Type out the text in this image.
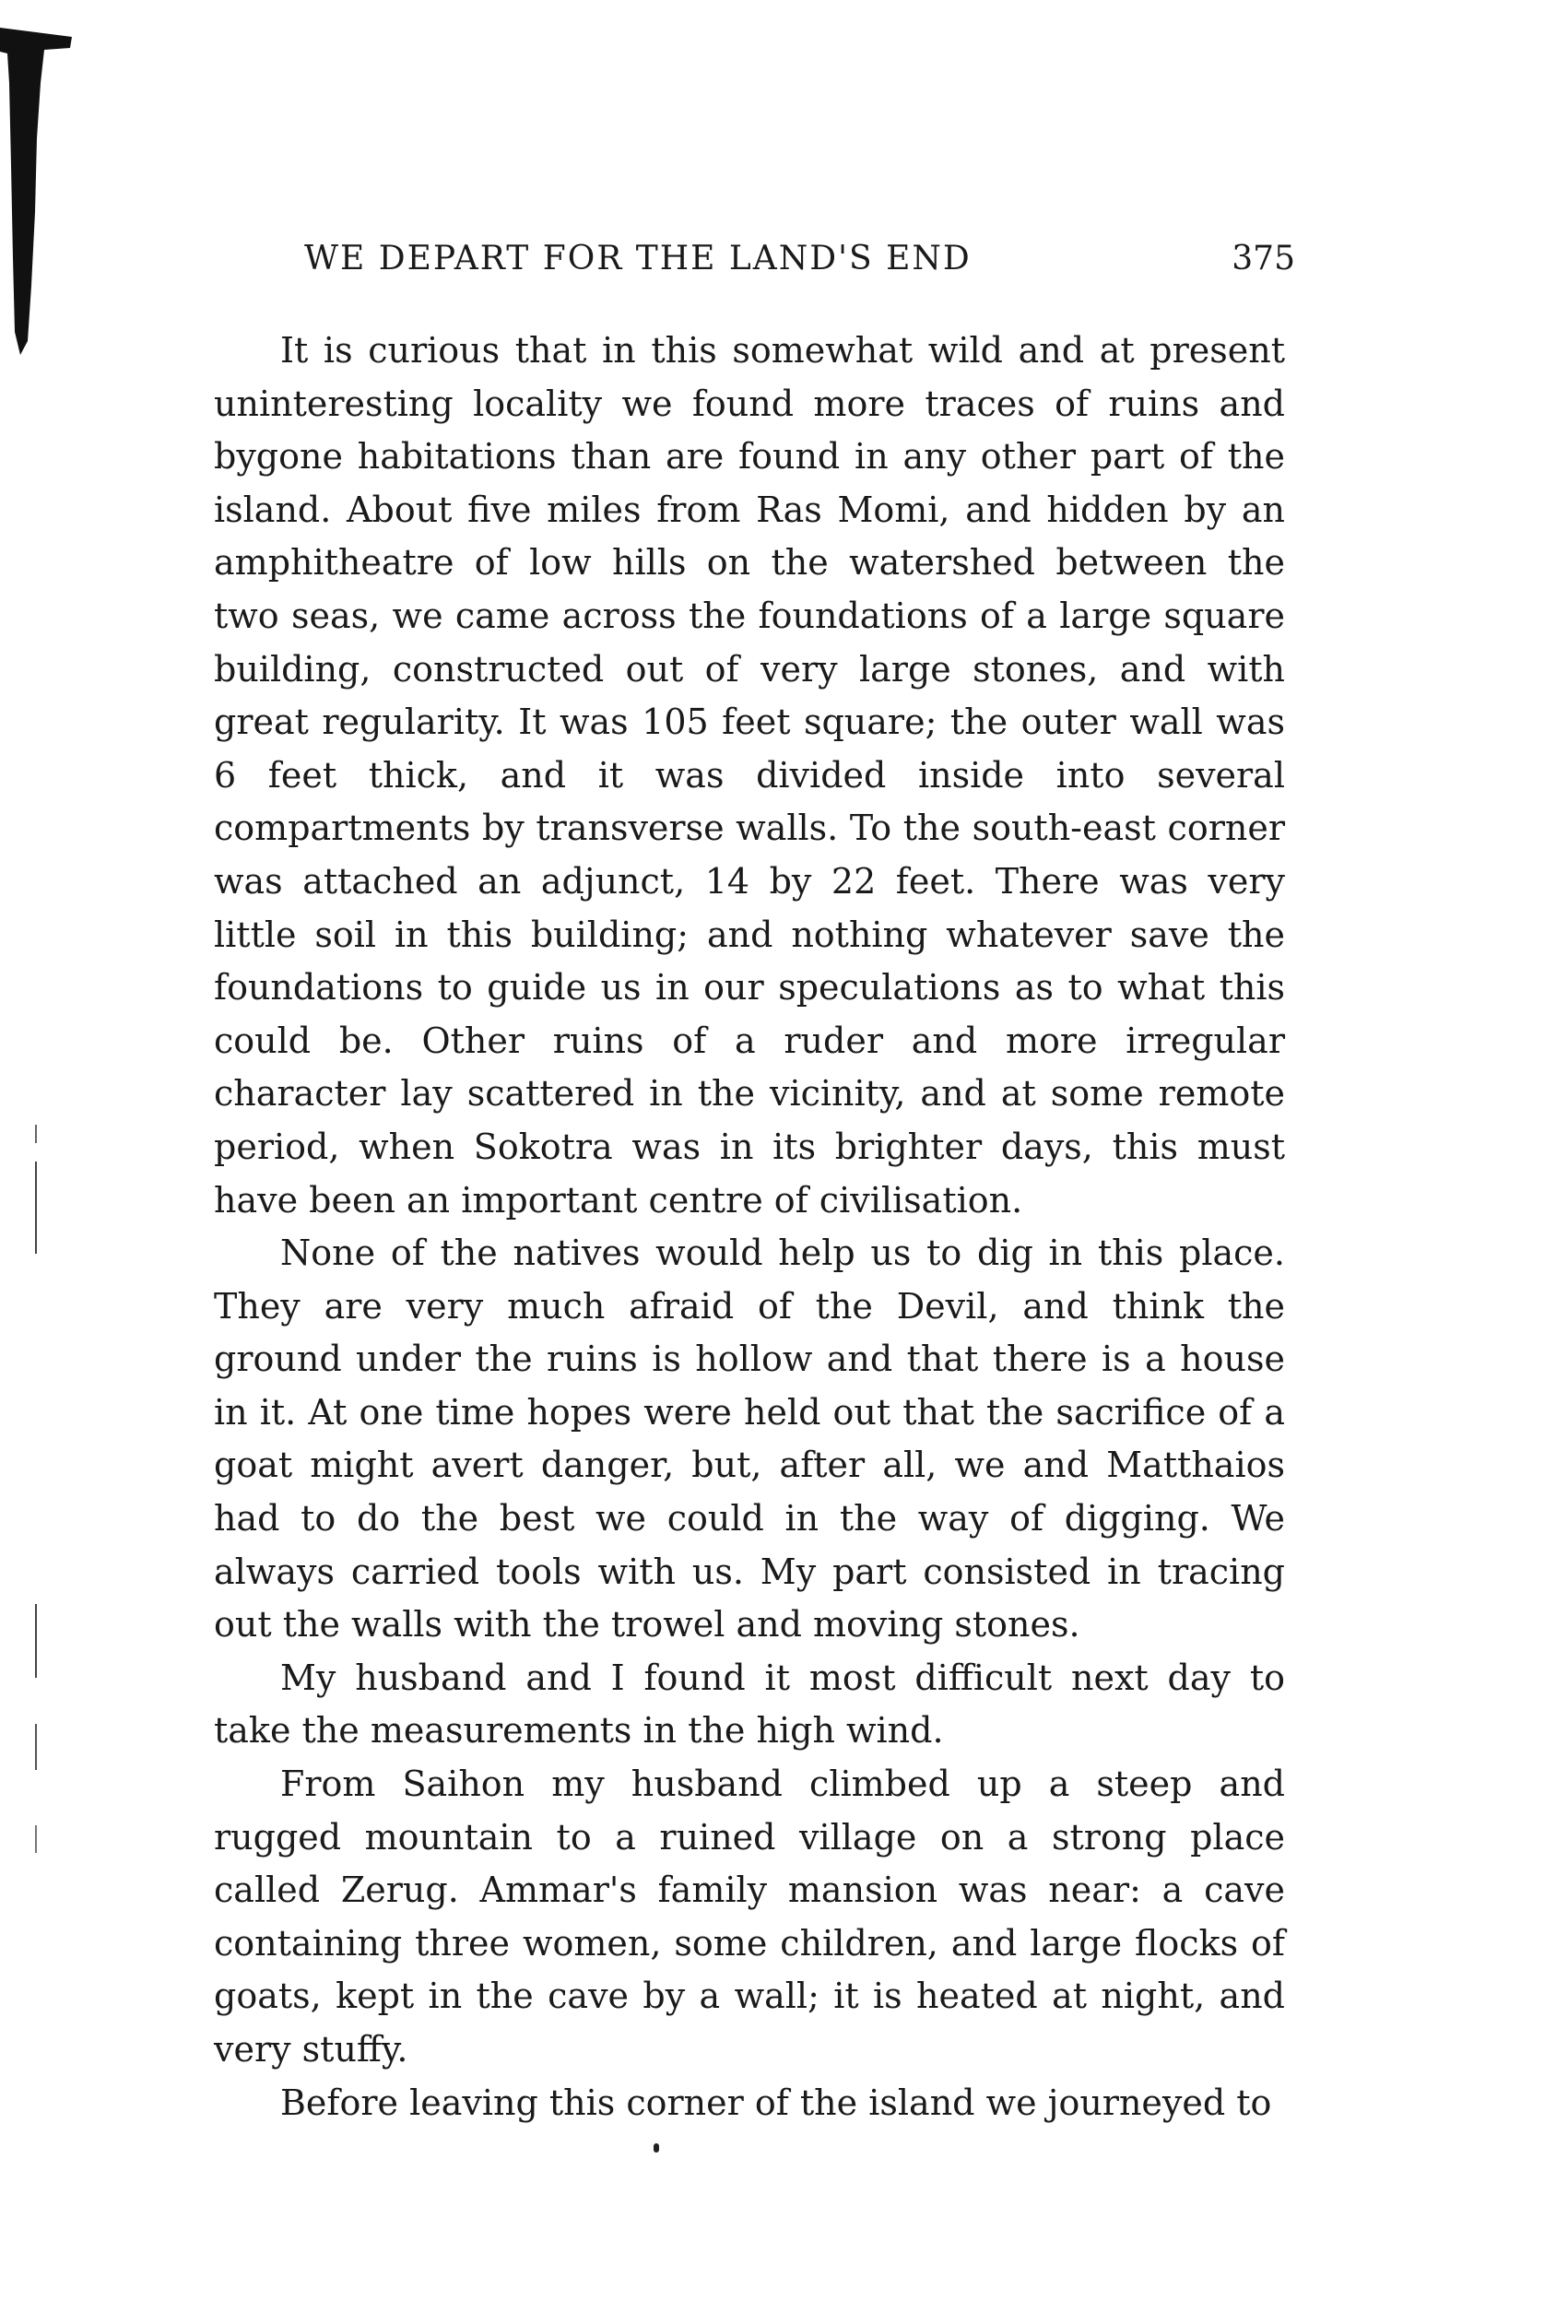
WE DEPART FOR THE LAND'S END	375

It is curious that in this somewhat wild and at present uninteresting locality we found more traces of ruins and bygone habitations than are found in any other part of the island. About five miles from Ras Momi, and hidden by an amphitheatre of low hills on the watershed between the two seas, we came across the foundations of a large square building, constructed out of very large stones, and with great regularity. It was 105 feet square; the outer wall was 6 feet thick, and it was divided inside into several compartments by transverse walls. To the south-east corner was attached an adjunct, 14 by 22 feet. There was very little soil in this building; and nothing whatever save the foundations to guide us in our speculations as to what this could be. Other ruins of a ruder and more irregular character lay scattered in the vicinity, and at some remote period, when Sokotra was in its brighter days, this must have been an important centre of civilisation.

None of the natives would help us to dig in this place. They are very much afraid of the Devil, and think the ground under the ruins is hollow and that there is a house in it. At one time hopes were held out that the sacrifice of a goat might avert danger, but, after all, we and Matthaios had to do the best we could in the way of digging. We always carried tools with us. My part consisted in tracing out the walls with the trowel and moving stones.

My husband and I found it most difficult next day to take the measurements in the high wind.

From Saihon my husband climbed up a steep and rugged mountain to a ruined village on a strong place called Zerug. Ammar's family mansion was near: a cave containing three women, some children, and large flocks of goats, kept in the cave by a wall; it is heated at night, and very stuffy.

Before leaving this corner of the island we journeyed to
